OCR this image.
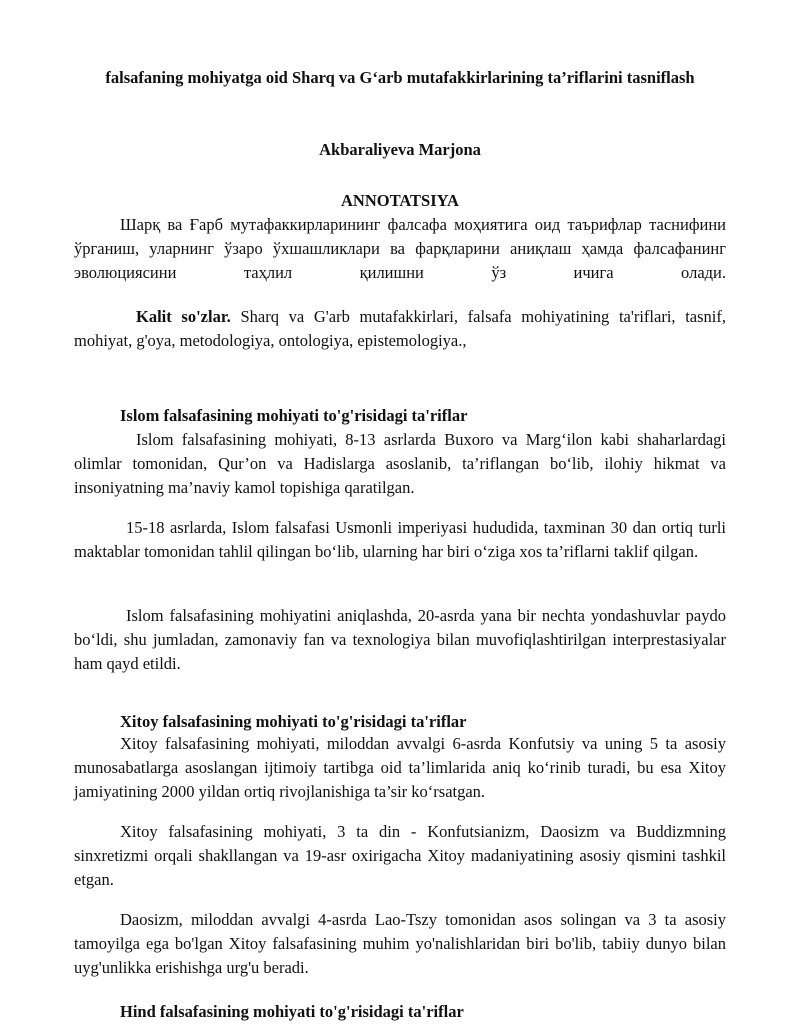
falsafaning mohiyatga oid Sharq va G‘arb mutafakkirlarining ta’riflarini tasniflash

Akbaraliyeva Marjona

ANNOTATSIYA

Шарқ ва Ғарб мутафаккирларининг фалсафа моҳиятига оид таърифлар таснифини ўрганиш, уларнинг ўзаро ўхшашликлари ва фарқларини аниқлаш ҳамда фалсафанинг эволюциясини таҳлил қилишни ўз ичига олади.

Kalit so'zlar. Sharq va G'arb mutafakkirlari, falsafa mohiyatining ta'riflari, tasnif, mohiyat, g'oya, metodologiya, ontologiya, epistemologiya.,

Islom falsafasining mohiyati to'g'risidagi ta'riflar

Islom falsafasining mohiyati, 8-13 asrlarda Buxoro va Marg‘ilon kabi shaharlardagi olimlar tomonidan, Qur’on va Hadislarga asoslanib, ta’riflangan bo‘lib, ilohiy hikmat va insoniyatning ma’naviy kamol topishiga qaratilgan.

15-18 asrlarda, Islom falsafasi Usmonli imperiyasi hududida, taxminan 30 dan ortiq turli maktablar tomonidan tahlil qilingan bo‘lib, ularning har biri o‘ziga xos ta’riflarni taklif qilgan.

Islom falsafasining mohiyatini aniqlashda, 20-asrda yana bir nechta yondashuvlar paydo bo‘ldi, shu jumladan, zamonaviy fan va texnologiya bilan muvofiqlashtirilgan interprestasiyalar ham qayd etildi.

Xitoy falsafasining mohiyati to'g'risidagi ta'riflar

Xitoy falsafasining mohiyati, miloddan avvalgi 6-asrda Konfutsiy va uning 5 ta asosiy munosabatlarga asoslangan ijtimoiy tartibga oid ta’limlarida aniq ko‘rinib turadi, bu esa Xitoy jamiyatining 2000 yildan ortiq rivojlanishiga ta’sir ko‘rsatgan.

Xitoy falsafasining mohiyati, 3 ta din - Konfutsianizm, Daosizm va Buddizmning sinxretizmi orqali shakllangan va 19-asr oxirigacha Xitoy madaniyatining asosiy qismini tashkil etgan.

Daosizm, miloddan avvalgi 4-asrda Lao-Tszy tomonidan asos solingan va 3 ta asosiy tamoyilga ega bo'lgan Xitoy falsafasining muhim yo'nalishlaridan biri bo'lib, tabiiy dunyo bilan uyg'unlikka erishishga urg'u beradi.

Hind falsafasining mohiyati to'g'risidagi ta'riflar
